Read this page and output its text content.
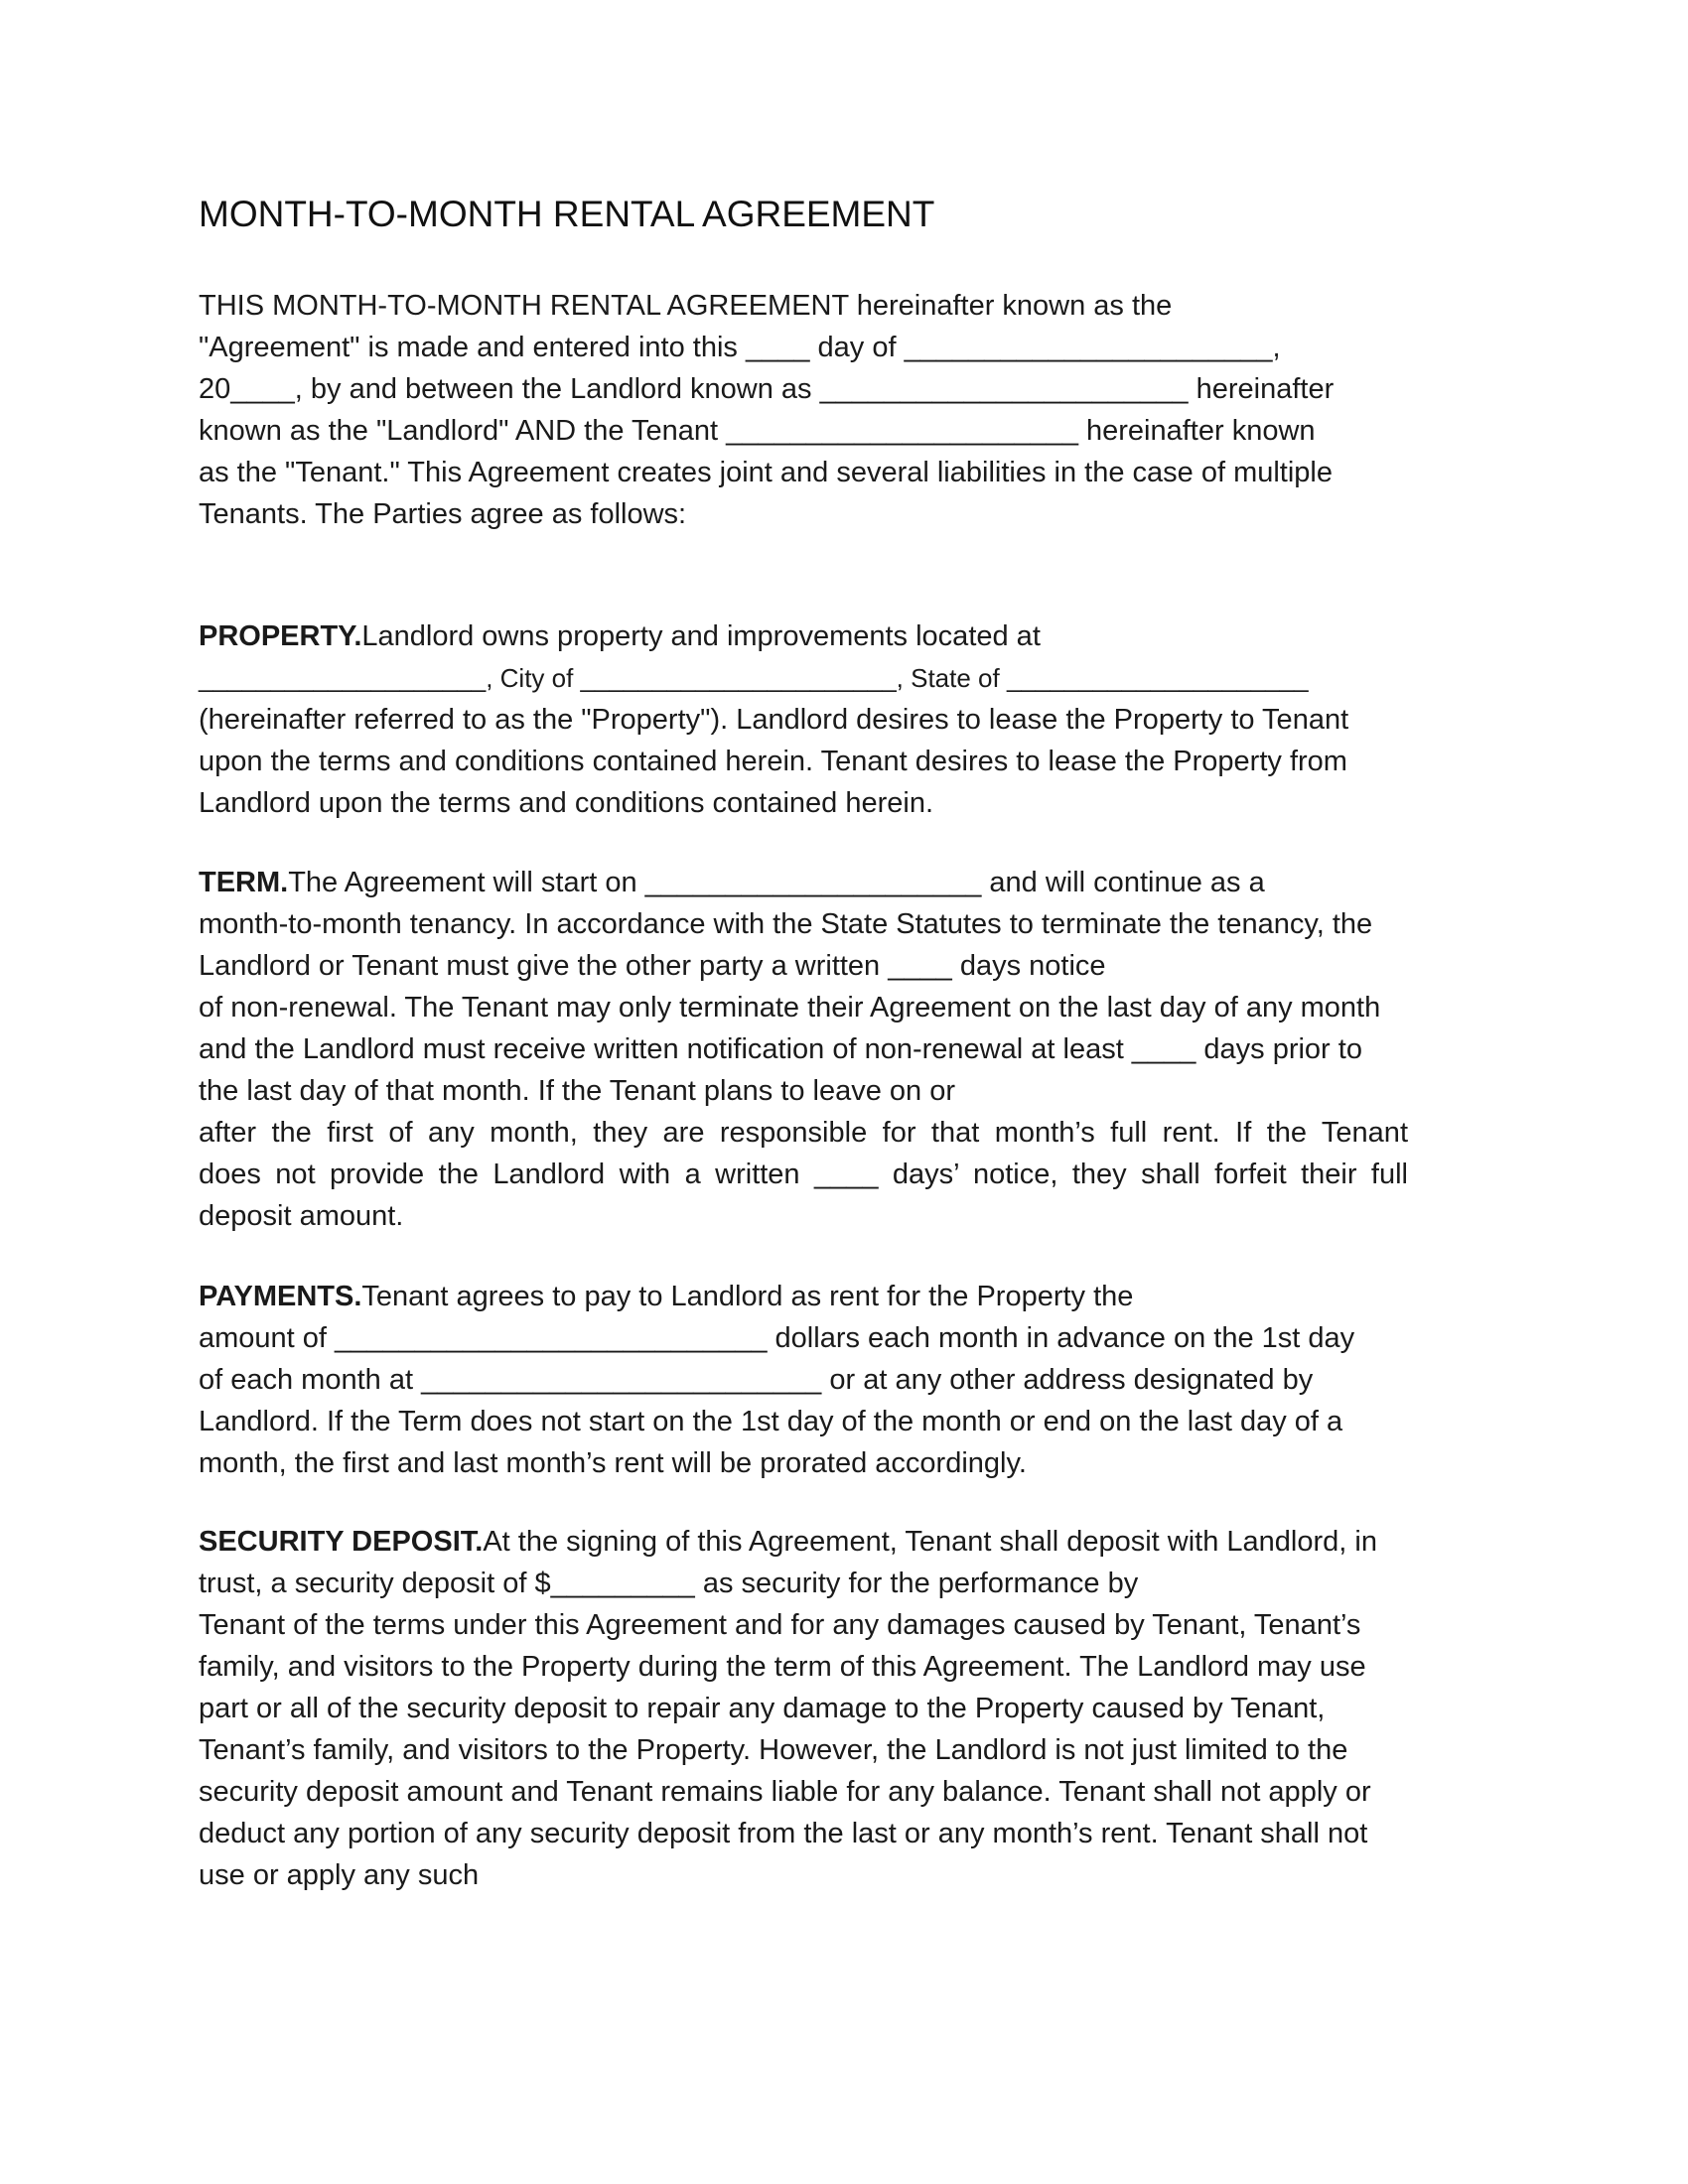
MONTH-TO-MONTH RENTAL AGREEMENT
THIS MONTH-TO-MONTH RENTAL AGREEMENT hereinafter known as the
"Agreement" is made and entered into this ____ day of _______________________,
20____, by and between the Landlord known as _______________________ hereinafter
known as the "Landlord" AND the Tenant ______________________ hereinafter known
as the "Tenant." This Agreement creates joint and several liabilities in the case of multiple
Tenants. The Parties agree as follows:
PROPERTY.Landlord owns property and improvements located at
____________________, City of ______________________, State of _____________________
(hereinafter referred to as the "Property"). Landlord desires to lease the Property to Tenant
upon the terms and conditions contained herein. Tenant desires to lease the Property from
Landlord upon the terms and conditions contained herein.
TERM.The Agreement will start on _____________________ and will continue as a
month-to-month tenancy. In accordance with the State Statutes to terminate the tenancy, the
Landlord or Tenant must give the other party a written ____ days notice
of non-renewal. The Tenant may only terminate their Agreement on the last day of any month
and the Landlord must receive written notification of non-renewal at least ____ days prior to
the last day of that month. If the Tenant plans to leave on or
after the first of any month, they are responsible for that month’s full rent. If the Tenant
does not provide the Landlord with a written ____ days’ notice, they shall forfeit their full
deposit amount.
PAYMENTS.Tenant agrees to pay to Landlord as rent for the Property the
amount of ___________________________ dollars each month in advance on the 1st day
of each month at _________________________ or at any other address designated by
Landlord. If the Term does not start on the 1st day of the month or end on the last day of a
month, the first and last month’s rent will be prorated accordingly.
SECURITY DEPOSIT.At the signing of this Agreement, Tenant shall deposit with Landlord, in
trust, a security deposit of $_________ as security for the performance by
Tenant of the terms under this Agreement and for any damages caused by Tenant, Tenant’s
family, and visitors to the Property during the term of this Agreement. The Landlord may use
part or all of the security deposit to repair any damage to the Property caused by Tenant,
Tenant’s family, and visitors to the Property. However, the Landlord is not just limited to the
security deposit amount and Tenant remains liable for any balance. Tenant shall not apply or
deduct any portion of any security deposit from the last or any month’s rent. Tenant shall not
use or apply any such
